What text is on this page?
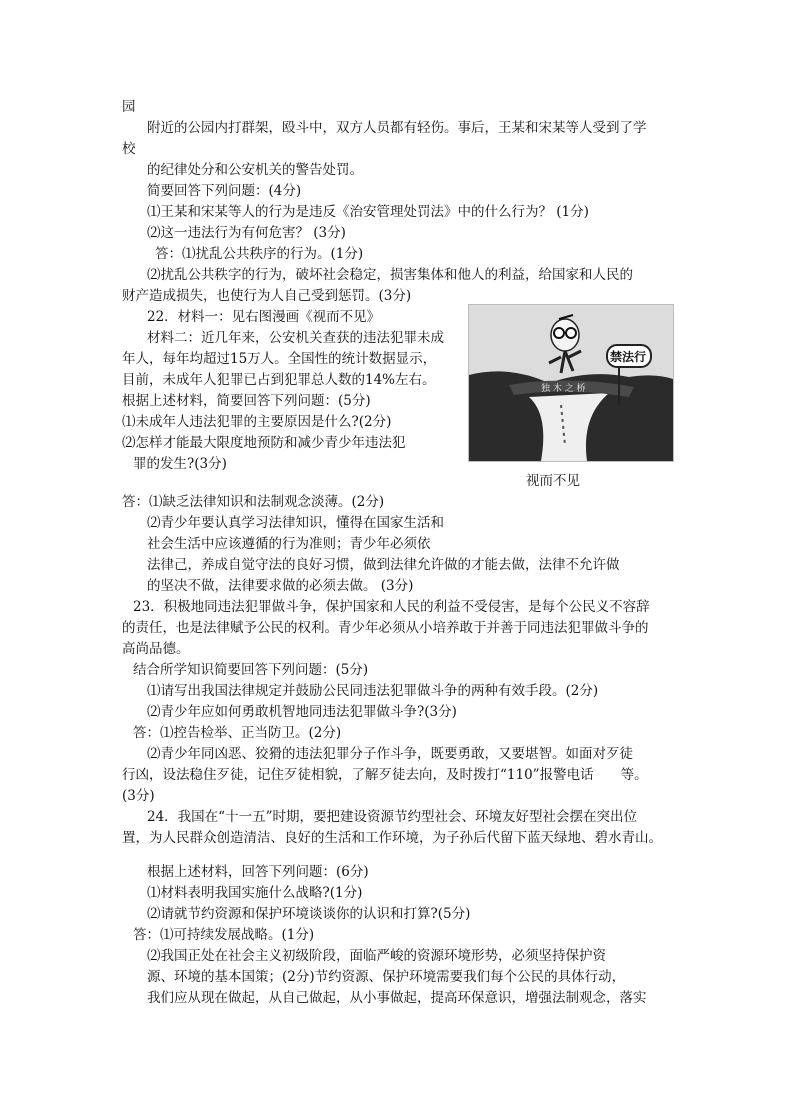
园
附近的公园内打群架，殴斗中，双方人员都有轻伤。事后，王某和宋某等人受到了学
校
的纪律处分和公安机关的警告处罚。
简要回答下列问题：(4分)
⑴王某和宋某等人的行为是违反《治安管理处罚法》中的什么行为？ (1分)
⑵这一违法行为有何危害？ (3分)
答：⑴扰乱公共秩序的行为。(1分)
⑵扰乱公共秩字的行为，破坏社会稳定，损害集体和他人的利益，给国家和人民的
财产造成损失，也使行为人自己受到惩罚。(3分)
22．材料一：见右图漫画《视而不见》
材料二：近几年来，公安机关查获的违法犯罪未成
年人，每年均超过15万人。全国性的统计数据显示，
目前，未成年人犯罪已占到犯罪总人数的14%左右。
根据上述材料，简要回答下列问题：(5分)
⑴未成年人违法犯罪的主要原因是什么?(2分)
⑵怎样才能最大限度地预防和减少青少年违法犯
罪的发生?(3分)
禁法行
独 木 之 桥
视而不见
答：⑴缺乏法律知识和法制观念淡薄。(2分)
⑵青少年要认真学习法律知识，懂得在国家生活和
社会生活中应该遵循的行为准则；青少年必须依
法律己，养成自觉守法的良好习惯，做到法律允许做的才能去做，法律不允许做
的坚决不做，法律要求做的必须去做。 (3分)
23．积极地同违法犯罪做斗争，保护国家和人民的利益不受侵害，是每个公民义不容辞
的责任，也是法律赋予公民的权利。青少年必须从小培养敢于并善于同违法犯罪做斗争的
高尚品德。
结合所学知识简要回答下列问题：(5分)
⑴请写出我国法律规定并鼓励公民同违法犯罪做斗争的两种有效手段。(2分)
⑵青少年应如何勇敢机智地同违法犯罪做斗争?(3分)
答：⑴控告检举、正当防卫。(2分)
⑵青少年同凶恶、狡猾的违法犯罪分子作斗争，既要勇敢，又要堪智。如面对歹徒
行凶，设法稳住歹徒，记住歹徒相貌，了解歹徒去向，及时拨打“110”报警电话　　等。
(3分)
24．我国在“十一五”时期，要把建设资源节约型社会、环境友好型社会摆在突出位
置，为人民群众创造清洁、良好的生活和工作环境，为子孙后代留下蓝天绿地、碧水青山。
根据上述材料，回答下列问题：(6分)
⑴材料表明我国实施什么战略?(1分)
⑵请就节约资源和保护环境谈谈你的认识和打算?(5分)
答：⑴可持续发展战略。(1分)
⑵我国正处在社会主义初级阶段，面临严峻的资源环境形势，必须坚持保护资
源、环境的基本国策；(2分)节约资源、保护环境需要我们每个公民的具体行动，
我们应从现在做起，从自己做起，从小事做起，提高环保意识，增强法制观念，落实
